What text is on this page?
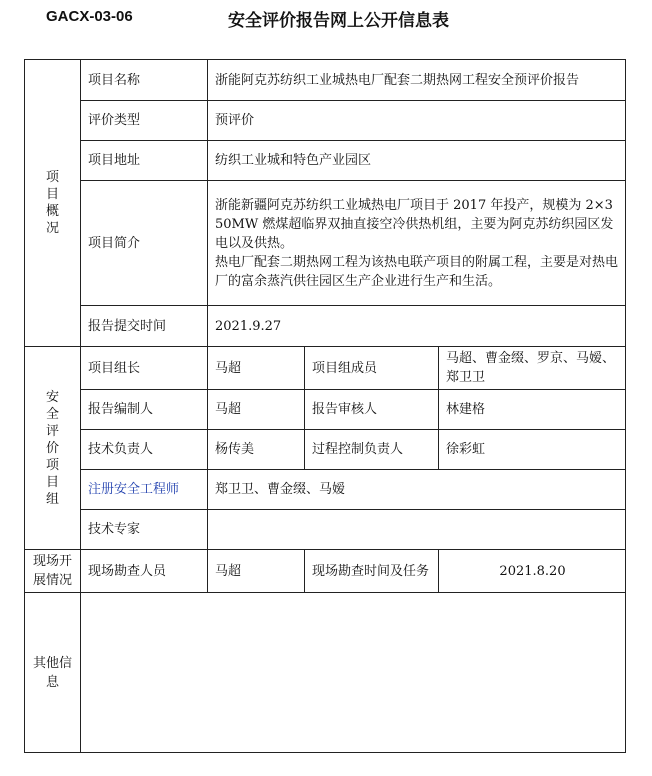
GACX-03-06	安全评价报告网上公开信息表
项目概况	项目名称	浙能阿克苏纺织工业城热电厂配套二期热网工程安全预评价报告		
	评价类型	预评价		
	项目地址	纺织工业城和特色产业园区		
	项目简介	浙能新疆阿克苏纺织工业城热电厂项目于 2017 年投产，规模为 2×350MW 燃煤超临界双抽直接空冷供热机组，主要为阿克苏纺织园区发电以及供热。

热电厂配套二期热网工程为该热电联产项目的附属工程，主要是对热电厂的富余蒸汽供往园区生产企业进行生产和生活。		

	报告提交时间	2021.9.27		

安全评价项目组	项目组长	马超	项目组成员	马超、曹金缀、罗京、马嫒、郑卫卫
	报告编制人	马超	报告审核人	林建格
	技术负责人	杨传美	过程控制负责人	徐彩虹
	注册安全工程师	郑卫卫、曹金缀、马嫒		
	技术专家			
现场开展情况	现场勘查人员	马超	现场勘查时间及任务	2021.8.20

其他信息				
